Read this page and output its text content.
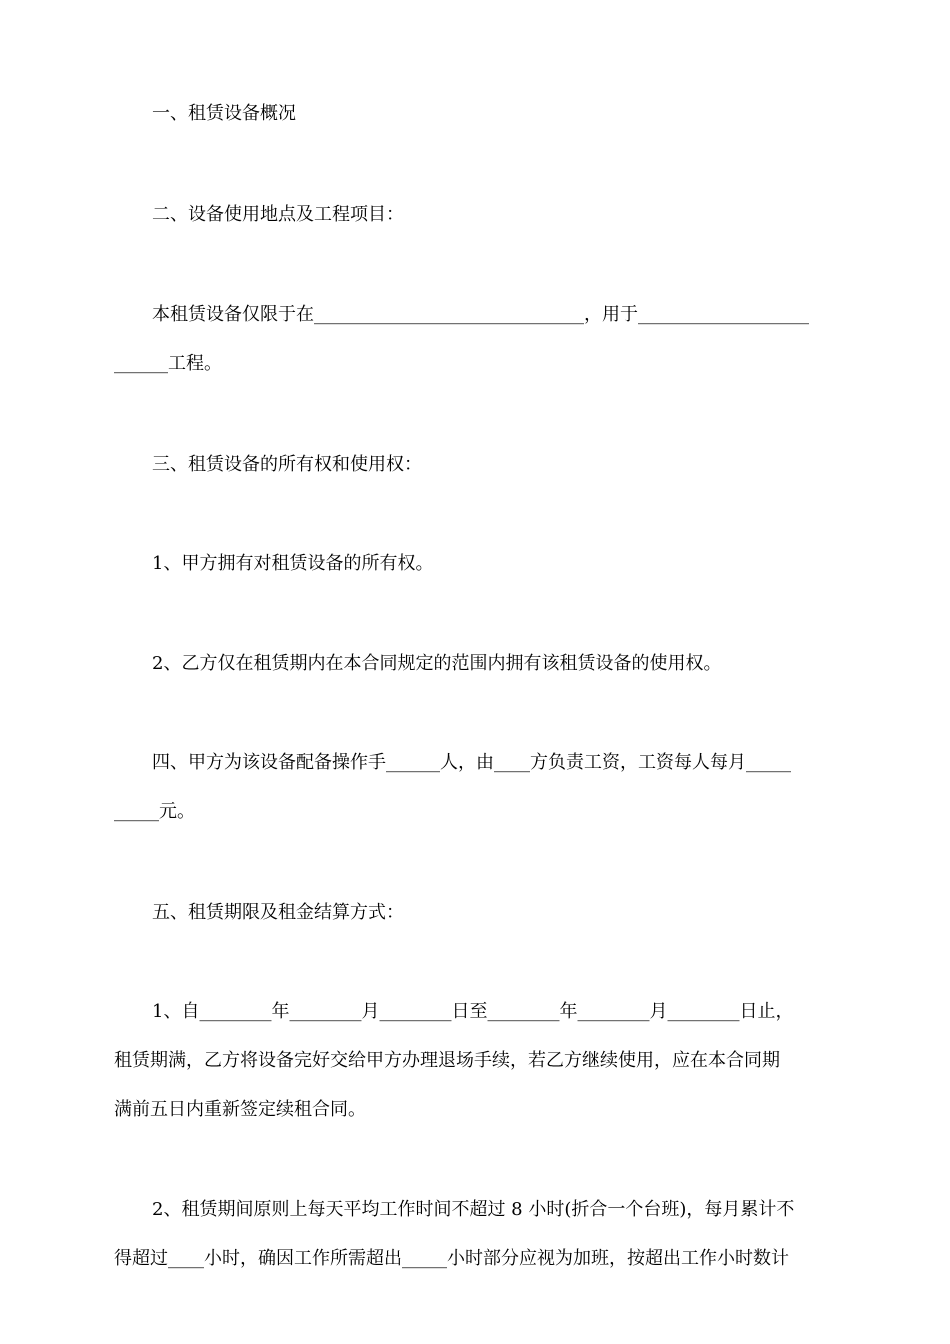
一、租赁设备概况
二、设备使用地点及工程项目：
本租赁设备仅限于在______________________________，用于___________________
______工程。
三、租赁设备的所有权和使用权：
1、甲方拥有对租赁设备的所有权。
2、乙方仅在租赁期内在本合同规定的范围内拥有该租赁设备的使用权。
四、甲方为该设备配备操作手______人，由____方负责工资，工资每人每月_____
_____元。
五、租赁期限及租金结算方式：
1、自________年________月________日至________年________月________日止，
租赁期满，乙方将设备完好交给甲方办理退场手续，若乙方继续使用，应在本合同期
满前五日内重新签定续租合同。
2、租赁期间原则上每天平均工作时间不超过 8 小时(折合一个台班)，每月累计不
得超过____小时，确因工作所需超出_____小时部分应视为加班，按超出工作小时数计
